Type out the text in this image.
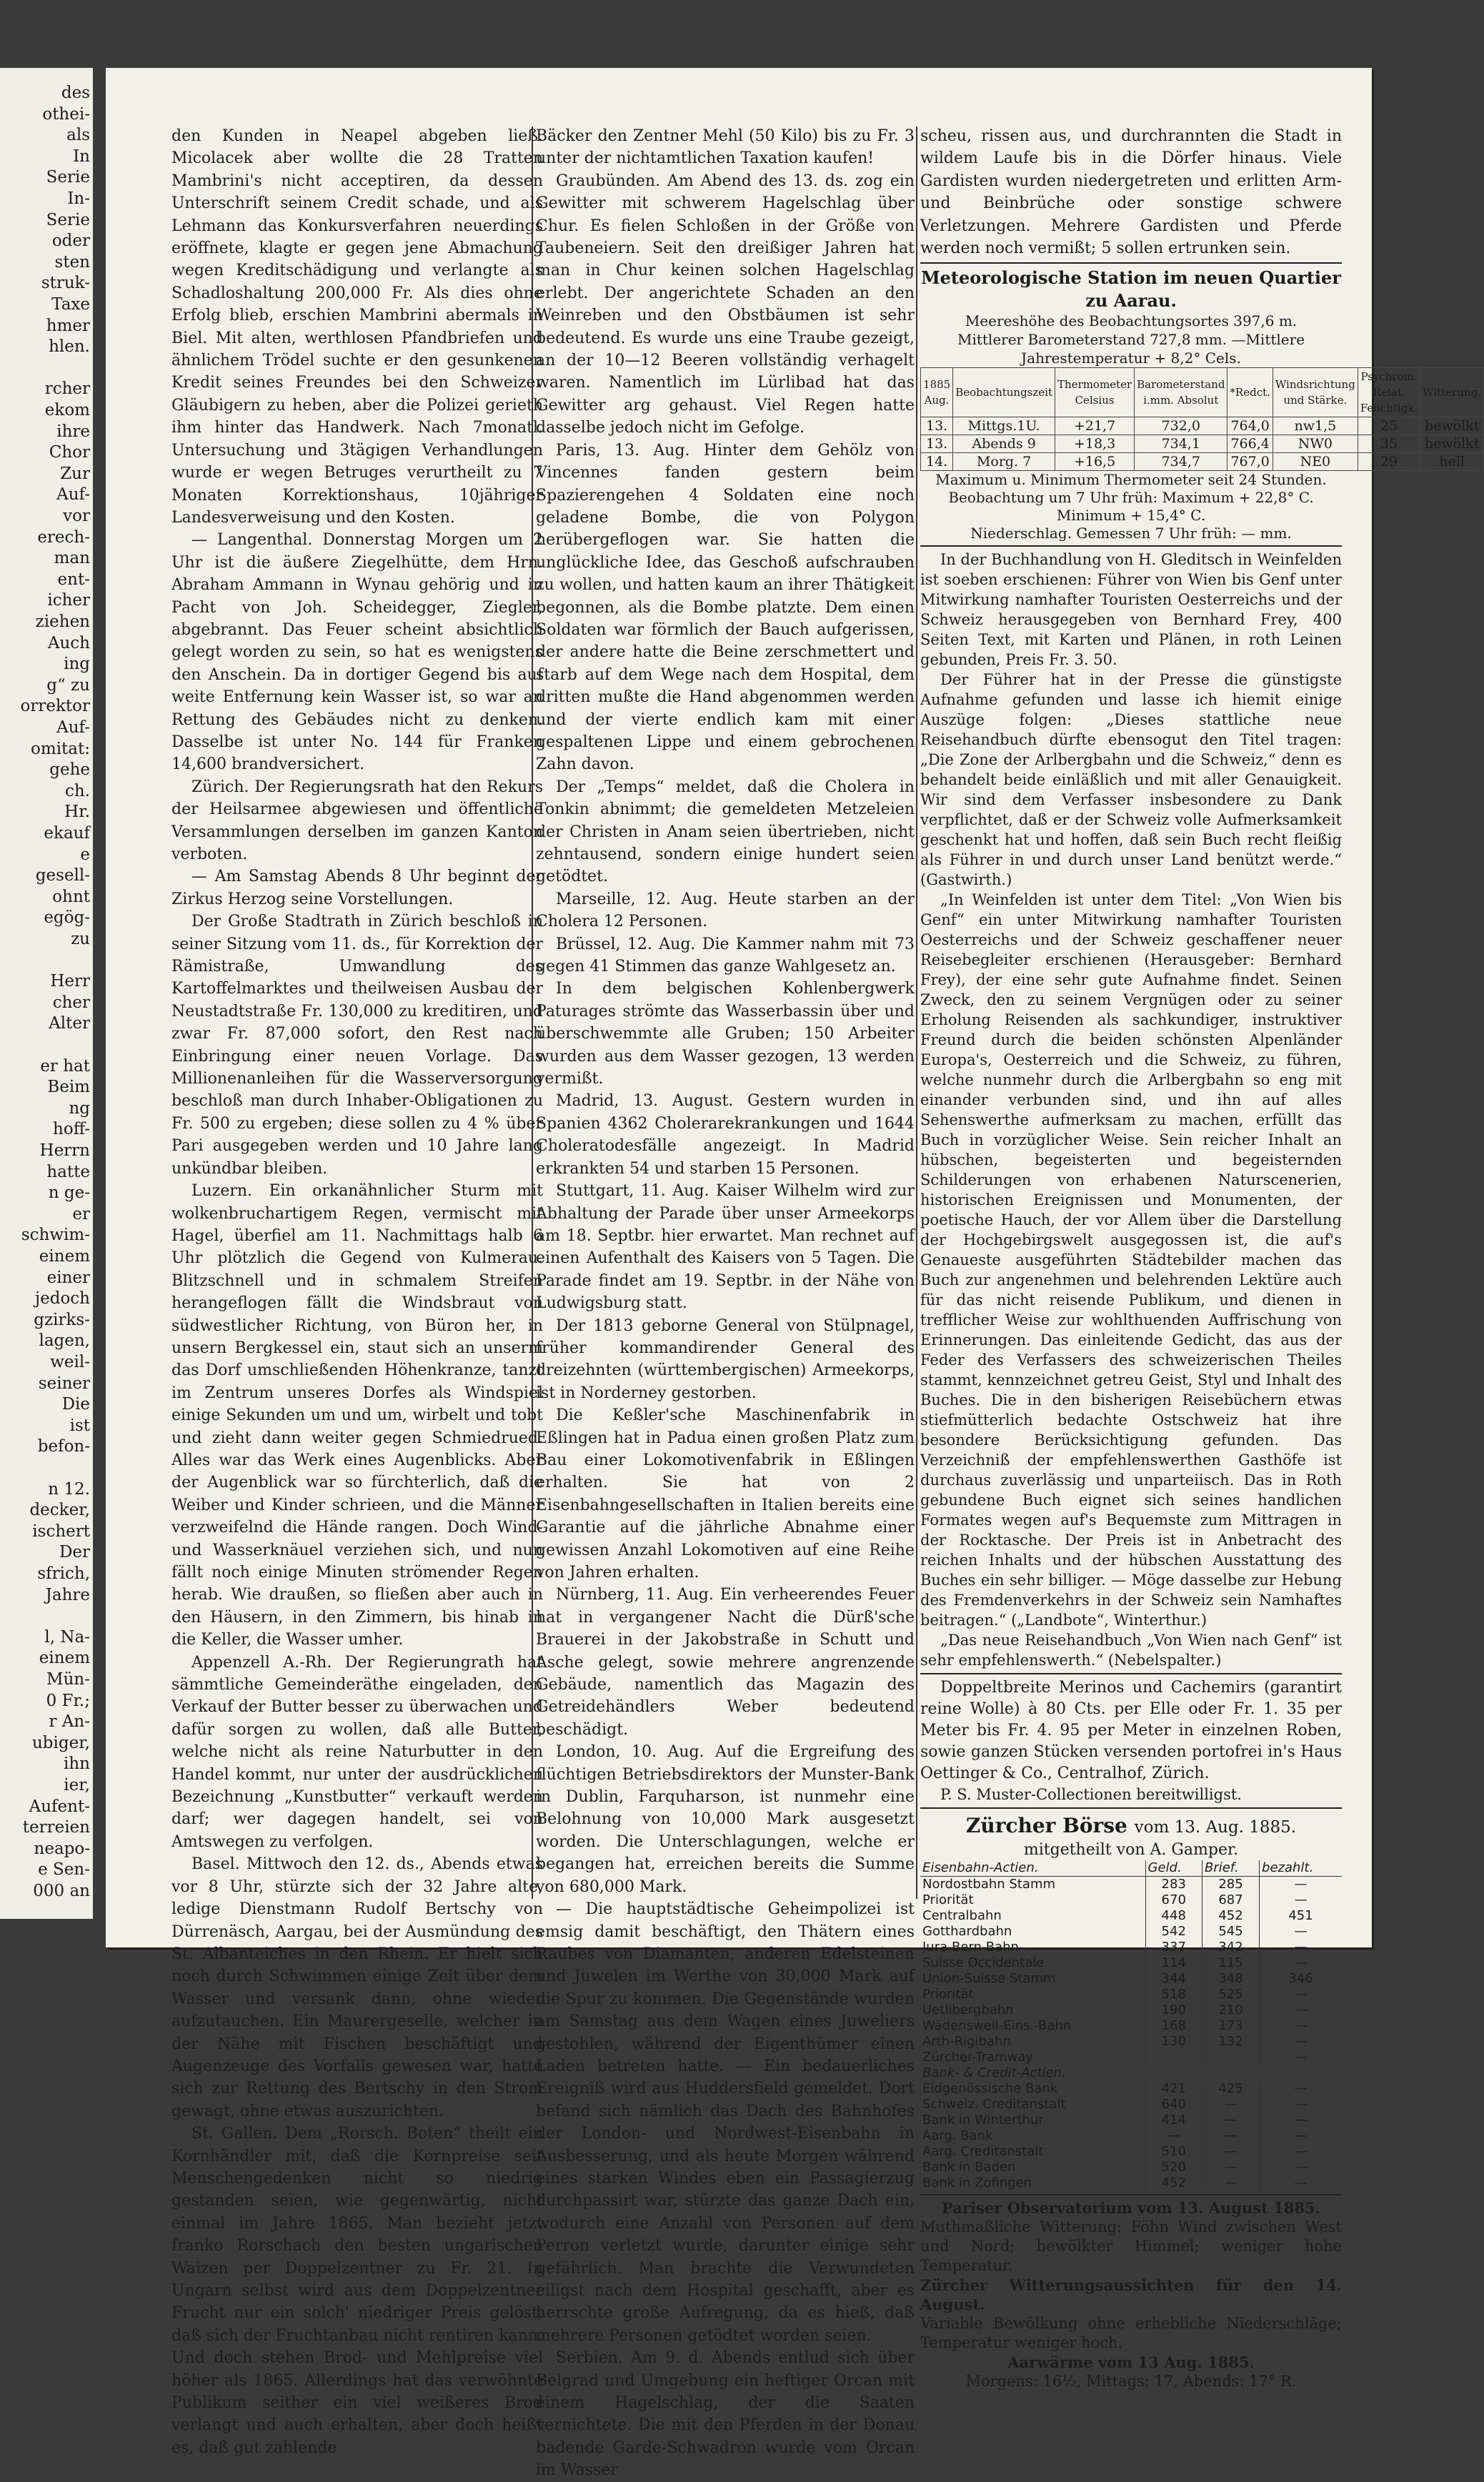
des
othei-
als
In
Serie
In-
Serie
oder
sten
struk-
Taxe
hmer
hlen.
rcher
ekom
ihre
Chor
Zur
Auf-
vor
erech-
man
ent-
icher
ziehen
Auch
ing
g“ zu
orrektor
Auf-
omitat:
gehe
ch.
Hr.
ekauf
e
gesell-
ohnt
egög-
zu
Herr
cher
Alter
er hat
Beim
ng
hoff-
Herrn
hatte
n ge-
er
schwim-
einem
einer
jedoch
gzirks-
lagen,
weil-
seiner
Die
ist
befon-
n 12.
decker,
ischert
Der
sfrich,
Jahre
l, Na-
einem
Mün-
0 Fr.;
r An-
ubiger,
ihn
ier,
Aufent-
terreien
neapo-
e Sen-
000 an

den Kunden in Neapel abgeben ließ. Micolacek aber wollte die 28 Tratten Mambrini's nicht acceptiren, da dessen Unterschrift seinem Credit schade, und als Lehmann das Konkursverfahren neuerdings eröffnete, klagte er gegen jene Abmachung wegen Kreditschädigung und verlangte als Schadloshaltung 200,000 Fr. Als dies ohne Erfolg blieb, erschien Mambrini abermals in Biel. Mit alten, werthlosen Pfandbriefen und ähnlichem Trödel suchte er den gesunkenen Kredit seines Freundes bei den Schweizer Gläubigern zu heben, aber die Polizei gerieth ihm hinter das Handwerk. Nach 7monatl. Untersuchung und 3tägigen Verhandlungen wurde er wegen Betruges verurtheilt zu 7 Monaten Korrektionshaus, 10jähriger Landesverweisung und den Kosten.

— Langenthal. Donnerstag Morgen um 2 Uhr ist die äußere Ziegelhütte, dem Hrn. Abraham Ammann in Wynau gehörig und in Pacht von Joh. Scheidegger, Ziegler, abgebrannt. Das Feuer scheint absichtlich gelegt worden zu sein, so hat es wenigstens den Anschein. Da in dortiger Gegend bis auf weite Entfernung kein Wasser ist, so war an Rettung des Gebäudes nicht zu denken. Dasselbe ist unter No. 144 für Franken 14,600 brandversichert.

Zürich. Der Regierungsrath hat den Rekurs der Heilsarmee abgewiesen und öffentliche Versammlungen derselben im ganzen Kanton verboten.

— Am Samstag Abends 8 Uhr beginnt der Zirkus Herzog seine Vorstellungen.

Der Große Stadtrath in Zürich beschloß in seiner Sitzung vom 11. ds., für Korrektion der Rämistraße, Umwandlung des Kartoffelmarktes und theilweisen Ausbau der Neustadtstraße Fr. 130,000 zu kreditiren, und zwar Fr. 87,000 sofort, den Rest nach Einbringung einer neuen Vorlage. Das Millionenanleihen für die Wasserversorgung beschloß man durch Inhaber-Obligationen zu Fr. 500 zu ergeben; diese sollen zu 4 % über Pari ausgegeben werden und 10 Jahre lang unkündbar bleiben.

Luzern. Ein orkanähnlicher Sturm mit wolkenbruchartigem Regen, vermischt mit Hagel, überfiel am 11. Nachmittags halb 6 Uhr plötzlich die Gegend von Kulmerau. Blitzschnell und in schmalem Streifen herangeflogen fällt die Windsbraut von südwestlicher Richtung, von Büron her, in unsern Bergkessel ein, staut sich an unserm das Dorf umschließenden Höhenkranze, tanzt im Zentrum unseres Dorfes als Windspiel einige Sekunden um und um, wirbelt und tobt und zieht dann weiter gegen Schmiedrued. Alles war das Werk eines Augenblicks. Aber der Augenblick war so fürchterlich, daß die Weiber und Kinder schrieen, und die Männer verzweifelnd die Hände rangen. Doch Wind- und Wasserknäuel verziehen sich, und nun fällt noch einige Minuten strömender Regen herab. Wie draußen, so fließen aber auch in den Häusern, in den Zimmern, bis hinab in die Keller, die Wasser umher.

Appenzell A.-Rh. Der Regierungrath hat sämmtliche Gemeinderäthe eingeladen, den Verkauf der Butter besser zu überwachen und dafür sorgen zu wollen, daß alle Butter, welche nicht als reine Naturbutter in den Handel kommt, nur unter der ausdrücklichen Bezeichnung „Kunstbutter“ verkauft werden darf; wer dagegen handelt, sei von Amtswegen zu verfolgen.

Basel. Mittwoch den 12. ds., Abends etwas vor 8 Uhr, stürzte sich der 32 Jahre alte, ledige Dienstmann Rudolf Bertschy von Dürrenäsch, Aargau, bei der Ausmündung des St. Albanteiches in den Rhein. Er hielt sich noch durch Schwimmen einige Zeit über dem Wasser und versank dann, ohne wieder aufzutauchen. Ein Maurergeselle, welcher in der Nähe mit Fischen beschäftigt und Augenzeuge des Vorfalls gewesen war, hatte sich zur Rettung des Bertschy in den Strom gewagt, ohne etwas auszurichten.

St. Gallen. Dem „Rorsch. Boten“ theilt ein Kornhändler mit, daß die Kornpreise seit Menschengedenken nicht so niedrig gestanden seien, wie gegenwärtig, nicht einmal im Jahre 1865. Man bezieht jetzt franko Rorschach den besten ungarischen Waizen per Doppelzentner zu Fr. 21. In Ungarn selbst wird aus dem Doppelzentner Frucht nur ein solch' niedriger Preis gelöst, daß sich der Fruchtanbau nicht rentiren kann. Und doch stehen Brod- und Mehlpreise viel höher als 1865. Allerdings hat das verwöhnte Publikum seither ein viel weißeres Brod verlangt und auch erhalten, aber doch heißt es, daß gut zahlende

Bäcker den Zentner Mehl (50 Kilo) bis zu Fr. 3 unter der nichtamtlichen Taxation kaufen!

Graubünden. Am Abend des 13. ds. zog ein Gewitter mit schwerem Hagelschlag über Chur. Es fielen Schloßen in der Größe von Taubeneiern. Seit den dreißiger Jahren hat man in Chur keinen solchen Hagelschlag erlebt. Der angerichtete Schaden an den Weinreben und den Obstbäumen ist sehr bedeutend. Es wurde uns eine Traube gezeigt, an der 10—12 Beeren vollständig verhagelt waren. Namentlich im Lürlibad hat das Gewitter arg gehaust. Viel Regen hatte dasselbe jedoch nicht im Gefolge.

Paris, 13. Aug. Hinter dem Gehölz von Vincennes fanden gestern beim Spazierengehen 4 Soldaten eine noch geladene Bombe, die von Polygon herübergeflogen war. Sie hatten die unglückliche Idee, das Geschoß aufschrauben zu wollen, und hatten kaum an ihrer Thätigkeit begonnen, als die Bombe platzte. Dem einen Soldaten war förmlich der Bauch aufgerissen, der andere hatte die Beine zerschmettert und starb auf dem Wege nach dem Hospital, dem dritten mußte die Hand abgenommen werden und der vierte endlich kam mit einer gespaltenen Lippe und einem gebrochenen Zahn davon.

Der „Temps“ meldet, daß die Cholera in Tonkin abnimmt; die gemeldeten Metzeleien der Christen in Anam seien übertrieben, nicht zehntausend, sondern einige hundert seien getödtet.

Marseille, 12. Aug. Heute starben an der Cholera 12 Personen.

Brüssel, 12. Aug. Die Kammer nahm mit 73 gegen 41 Stimmen das ganze Wahlgesetz an.

In dem belgischen Kohlenbergwerk Paturages strömte das Wasserbassin über und überschwemmte alle Gruben; 150 Arbeiter wurden aus dem Wasser gezogen, 13 werden vermißt.

Madrid, 13. August. Gestern wurden in Spanien 4362 Cholerarekrankungen und 1644 Choleratodesfälle angezeigt. In Madrid erkrankten 54 und starben 15 Personen.

Stuttgart, 11. Aug. Kaiser Wilhelm wird zur Abhaltung der Parade über unser Armeekorps am 18. Septbr. hier erwartet. Man rechnet auf einen Aufenthalt des Kaisers von 5 Tagen. Die Parade findet am 19. Septbr. in der Nähe von Ludwigsburg statt.

Der 1813 geborne General von Stülpnagel, früher kommandirender General des dreizehnten (württembergischen) Armeekorps, ist in Norderney gestorben.

Die Keßler'sche Maschinenfabrik in Eßlingen hat in Padua einen großen Platz zum Bau einer Lokomotivenfabrik in Eßlingen erhalten. Sie hat von 2 Eisenbahngesellschaften in Italien bereits eine Garantie auf die jährliche Abnahme einer gewissen Anzahl Lokomotiven auf eine Reihe von Jahren erhalten.

Nürnberg, 11. Aug. Ein verheerendes Feuer hat in vergangener Nacht die Dürß'sche Brauerei in der Jakobstraße in Schutt und Asche gelegt, sowie mehrere angrenzende Gebäude, namentlich das Magazin des Getreidehändlers Weber bedeutend beschädigt.

London, 10. Aug. Auf die Ergreifung des flüchtigen Betriebsdirektors der Munster-Bank in Dublin, Farquharson, ist nunmehr eine Belohnung von 10,000 Mark ausgesetzt worden. Die Unterschlagungen, welche er begangen hat, erreichen bereits die Summe von 680,000 Mark.

— Die hauptstädtische Geheimpolizei ist emsig damit beschäftigt, den Thätern eines Raubes von Diamanten, anderen Edelsteinen und Juwelen im Werthe von 30,000 Mark auf die Spur zu kommen. Die Gegenstände wurden am Samstag aus dem Wagen eines Juweliers gestohlen, während der Eigenthümer einen Laden betreten hatte. — Ein bedauerliches Ereigniß wird aus Huddersfield gemeldet. Dort befand sich nämlich das Dach des Bahnhofes der London- und Nordwest-Eisenbahn in Ausbesserung, und als heute Morgen während eines starken Windes eben ein Passagierzug durchpassirt war, stürzte das ganze Dach ein, wodurch eine Anzahl von Personen auf dem Perron verletzt wurde, darunter einige sehr gefährlich. Man brachte die Verwundeten eiligst nach dem Hospital geschafft, aber es herrschte große Aufregung, da es hieß, daß mehrere Personen getödtet worden seien.

Serbien. Am 9. d. Abends entlud sich über Belgrad und Umgebung ein heftiger Orcan mit einem Hagelschlag, der die Saaten vernichtete. Die mit den Pferden in der Donau badende Garde-Schwadron wurde vom Orcan im Wasser

scheu, rissen aus, und durchrannten die Stadt in wildem Laufe bis in die Dörfer hinaus. Viele Gardisten wurden niedergetreten und erlitten Arm- und Beinbrüche oder sonstige schwere Verletzungen. Mehrere Gardisten und Pferde werden noch vermißt; 5 sollen ertrunken sein.

Meteorologische Station im neuen Quartier zu Aarau.
Meereshöhe des Beobachtungsortes 397,6 m.
Mittlerer Barometerstand 727,8 mm. —Mittlere
Jahrestemperatur + 8,2° Cels.
1885 Aug.	Beobachtungszeit	Thermometer Celsius	Barometerstand i.mm. Absolut	*Redct.	Windsrichtung und Stärke.	Psychrom. Relat. Feuchtigk.	Witterung.
13.	Mittgs.1U.	+21,7	732,0	764,0	nw1,5	25	bewölkt
13.	Abends 9	+18,3	734,1	766,4	NW0	35	bewölkt
14.	Morg. 7	+16,5	734,7	767,0	NE0	29	hell
Maximum u. Minimum Thermometer seit 24 Stunden.
Beobachtung um 7 Uhr früh: Maximum + 22,8° C.
Minimum + 15,4° C.
Niederschlag. Gemessen 7 Uhr früh: — mm.

In der Buchhandlung von H. Gleditsch in Weinfelden ist soeben erschienen: Führer von Wien bis Genf unter Mitwirkung namhafter Touristen Oesterreichs und der Schweiz herausgegeben von Bernhard Frey, 400 Seiten Text, mit Karten und Plänen, in roth Leinen gebunden, Preis Fr. 3. 50.

Der Führer hat in der Presse die günstigste Aufnahme gefunden und lasse ich hiemit einige Auszüge folgen: „Dieses stattliche neue Reisehandbuch dürfte ebensogut den Titel tragen: „Die Zone der Arlbergbahn und die Schweiz,“ denn es behandelt beide einläßlich und mit aller Genauigkeit. Wir sind dem Verfasser insbesondere zu Dank verpflichtet, daß er der Schweiz volle Aufmerksamkeit geschenkt hat und hoffen, daß sein Buch recht fleißig als Führer in und durch unser Land benützt werde.“ (Gastwirth.)

„In Weinfelden ist unter dem Titel: „Von Wien bis Genf“ ein unter Mitwirkung namhafter Touristen Oesterreichs und der Schweiz geschaffener neuer Reisebegleiter erschienen (Herausgeber: Bernhard Frey), der eine sehr gute Aufnahme findet. Seinen Zweck, den zu seinem Vergnügen oder zu seiner Erholung Reisenden als sachkundiger, instruktiver Freund durch die beiden schönsten Alpenländer Europa's, Oesterreich und die Schweiz, zu führen, welche nunmehr durch die Arlbergbahn so eng mit einander verbunden sind, und ihn auf alles Sehenswerthe aufmerksam zu machen, erfüllt das Buch in vorzüglicher Weise. Sein reicher Inhalt an hübschen, begeisterten und begeisternden Schilderungen von erhabenen Naturscenerien, historischen Ereignissen und Monumenten, der poetische Hauch, der vor Allem über die Darstellung der Hochgebirgswelt ausgegossen ist, die auf's Genaueste ausgeführten Städtebilder machen das Buch zur angenehmen und belehrenden Lektüre auch für das nicht reisende Publikum, und dienen in trefflicher Weise zur wohlthuenden Auffrischung von Erinnerungen. Das einleitende Gedicht, das aus der Feder des Verfassers des schweizerischen Theiles stammt, kennzeichnet getreu Geist, Styl und Inhalt des Buches. Die in den bisherigen Reisebüchern etwas stiefmütterlich bedachte Ostschweiz hat ihre besondere Berücksichtigung gefunden. Das Verzeichniß der empfehlenswerthen Gasthöfe ist durchaus zuverlässig und unparteiisch. Das in Roth gebundene Buch eignet sich seines handlichen Formates wegen auf's Bequemste zum Mittragen in der Rocktasche. Der Preis ist in Anbetracht des reichen Inhalts und der hübschen Ausstattung des Buches ein sehr billiger. — Möge dasselbe zur Hebung des Fremdenverkehrs in der Schweiz sein Namhaftes beitragen.“ („Landbote“, Winterthur.)

„Das neue Reisehandbuch „Von Wien nach Genf“ ist sehr empfehlenswerth.“ (Nebelspalter.)

Doppeltbreite Merinos und Cachemirs (garantirt reine Wolle) à 80 Cts. per Elle oder Fr. 1. 35 per Meter bis Fr. 4. 95 per Meter in einzelnen Roben, sowie ganzen Stücken versenden portofrei in's Haus Oettinger & Co., Centralhof, Zürich.

P. S. Muster-Collectionen bereitwilligst.

Zürcher Börse vom 13. Aug. 1885.
mitgetheilt von A. Gamper.
Eisenbahn-Actien.	Geld.	Brief.	bezahlt.
Nordostbahn Stamm	283	285	—
Priorität	670	687	—
Centralbahn	448	452	451
Gotthardbahn	542	545	—
Jura-Bern-Bahn	337	342	—
Suisse Occidentale	114	115	—
Union-Suisse Stamm	344	348	346
Priorität	518	525	—
Uetlibergbahn	190	210	—
Wädensweil-Eins.-Bahn	168	173	—
Arth-Rigibahn	130	132	—
Zürcher-Tramway			—
Bank- & Credit-Actien.			
Eidgenössische Bank	421	425	—
Schweiz. Creditanstalt	640	—	—
Bank in Winterthur	414	—	—
Aarg. Bank	—	—	—
Aarg. Creditanstalt	510	—	—
Bank in Baden	520	—	—
Bank in Zofingen	452	—	—
Pariser Observatorium vom 13. August 1885.
Muthmaßliche Witterung: Föhn Wind zwischen West und Nord; bewölkter Himmel; weniger hohe Temperatur.
Zürcher Witterungsaussichten für den 14. August.
Variable Bewölkung ohne erhebliche Niederschläge; Temperatur weniger hoch.
Aarwärme vom 13 Aug. 1885.
Morgens: 16½, Mittags: 17, Abends: 17° R.
